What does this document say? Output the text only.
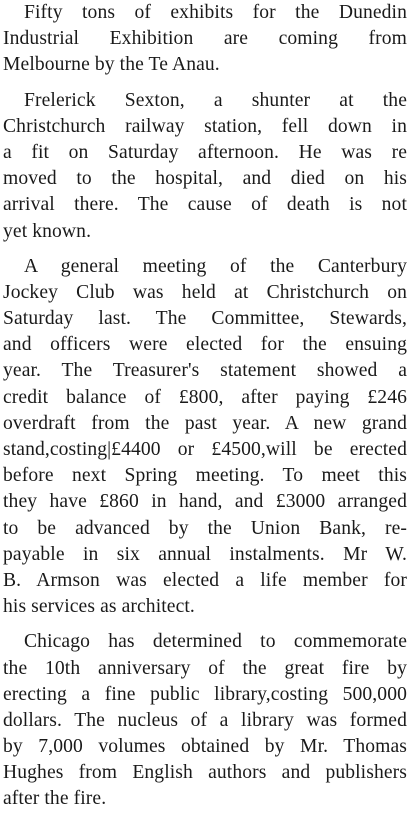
Fifty tons of exhibits for the Dunedin
Industrial Exhibition are coming from
Melbourne by the Te Anau.

Frelerick Sexton, a shunter at the
Christchurch railway station, fell down in
a fit on Saturday afternoon. He was re
moved to the hospital, and died on his
arrival there. The cause of death is not
yet known.

A general meeting of the Canterbury
Jockey Club was held at Christchurch on
Saturday last. The Committee, Stewards,
and officers were elected for the ensuing
year. The Treasurer's statement showed a
credit balance of £800, after paying £246
overdraft from the past year. A new grand
stand,costing|£4400 or £4500,will be erected
before next Spring meeting. To meet this
they have £860 in hand, and £3000 arranged
to be advanced by the Union Bank, re-
payable in six annual instalments. Mr W.
B. Armson was elected a life member for
his services as architect.

Chicago has determined to commemorate
the 10th anniversary of the great fire by
erecting a fine public library,costing 500,000
dollars. The nucleus of a library was formed
by 7,000 volumes obtained by Mr. Thomas
Hughes from English authors and publishers
after the fire.
